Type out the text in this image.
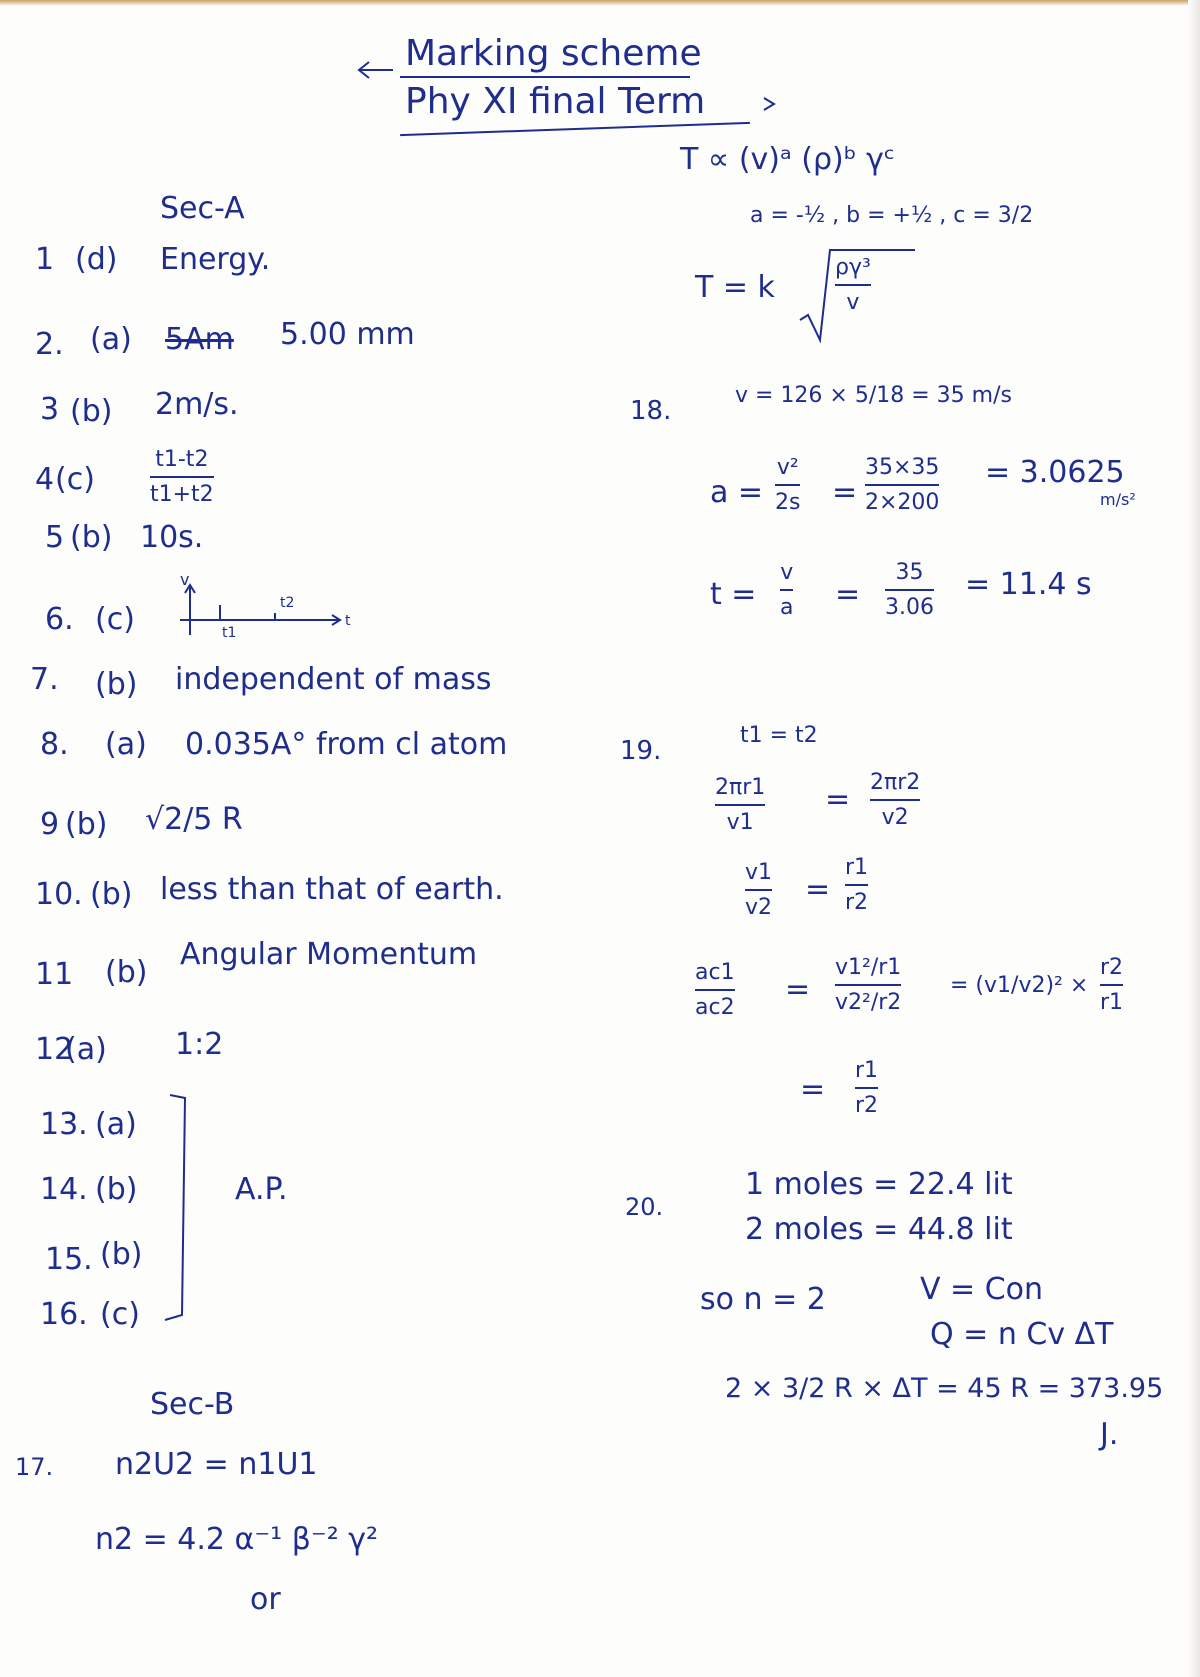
Marking scheme
Phy XI final Term
Sec-A
1 (d) Energy.
2. (a) 5Am 5.00 mm
3 (b) 2m/s.
4 (c)
t1-t2
t1+t2
5 (b) 10s.
6. (c)
v
t1
t2
t
7. (b) independent of mass
8. (a) 0.035A° from cl atom
9 (b) √2/5 R
10. (b) less than that of earth.
11 (b)
Angular Momentum
12
(a) 1:2
13. (a)
14. (b)
15. (b)
16. (c)
A.P.
Sec-B
17. n2U2 = n1U1
n2 = 4.2 α⁻¹ β⁻² γ²
or
T ∝ (v)ᵃ (ρ)ᵇ γᶜ
a = -½ , b = +½ , c = 3/2
T = k
ργ³
v
18.
v = 126 × 5/18 = 35 m/s
a =
v²
2s =
35×35
2×200
= 3.0625
m/s²
t =
v
a =
35
3.06
= 11.4 s
19.
t1 = t2
2πr1
v1
= 2πr2
v2
v1
v2
=
r1
r2
ac1
ac2
=
v1²/r1
v2²/r2
= (v1/v2)² ×
r2
r1
=
r1
r2
20.
1 moles = 22.4 lit
2 moles = 44.8 lit
so n = 2	V = Con
Q = n Cv ΔT
2 × 3/2 R × ΔT = 45 R = 373.95
J.
